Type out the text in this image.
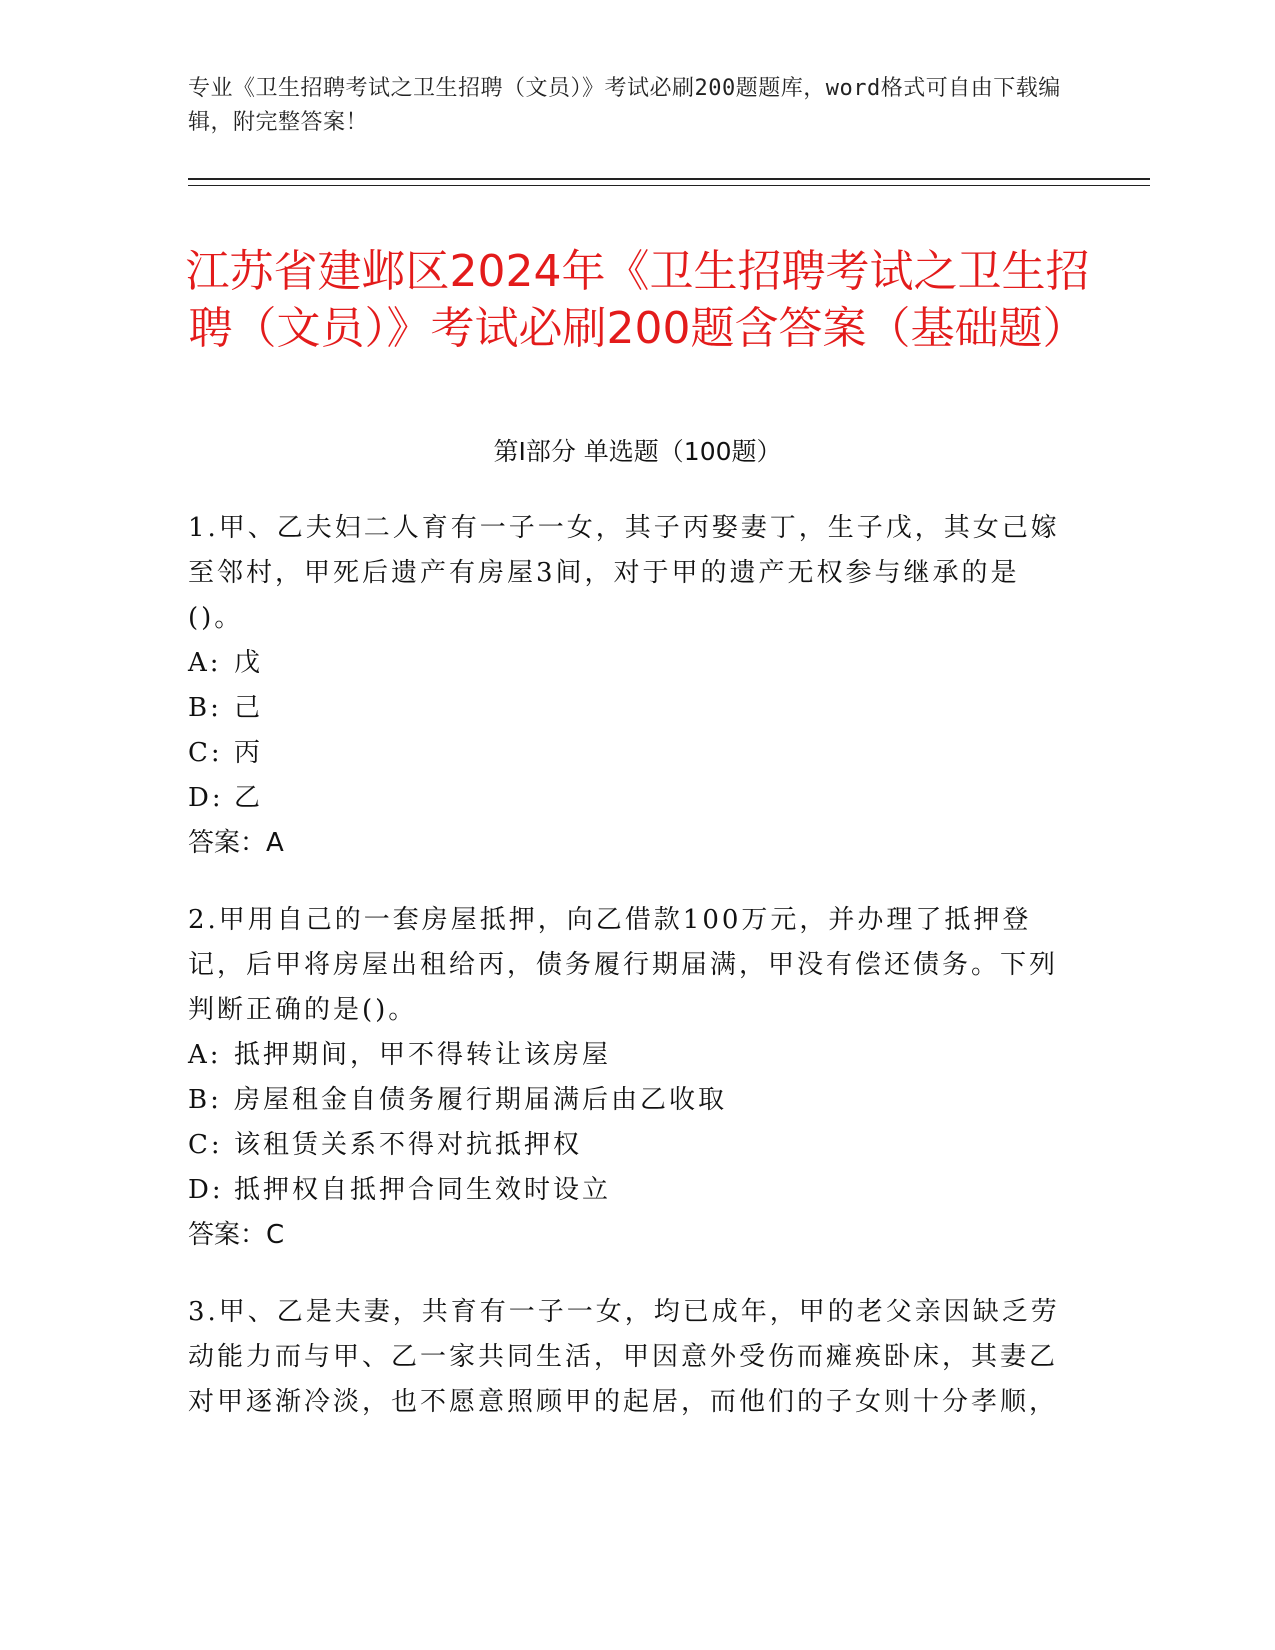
专业《卫生招聘考试之卫生招聘（文员）》考试必刷200题题库，word格式可自由下载编辑，附完整答案！
江苏省建邺区2024年《卫生招聘考试之卫生招聘（文员）》考试必刷200题含答案（基础题）
第Ⅰ部分 单选题（100题）
1.甲、乙夫妇二人育有一子一女，其子丙娶妻丁，生子戊，其女己嫁至邻村，甲死后遗产有房屋3间，对于甲的遗产无权参与继承的是()。
A: 戊
B: 己
C: 丙
D: 乙
答案：A
2.甲用自己的一套房屋抵押，向乙借款100万元，并办理了抵押登记，后甲将房屋出租给丙，债务履行期届满，甲没有偿还债务。下列判断正确的是()。
A: 抵押期间，甲不得转让该房屋
B: 房屋租金自债务履行期届满后由乙收取
C: 该租赁关系不得对抗抵押权
D: 抵押权自抵押合同生效时设立
答案：C
3.甲、乙是夫妻，共育有一子一女，均已成年，甲的老父亲因缺乏劳动能力而与甲、乙一家共同生活，甲因意外受伤而瘫痪卧床，其妻乙对甲逐渐冷淡，也不愿意照顾甲的起居，而他们的子女则十分孝顺，
